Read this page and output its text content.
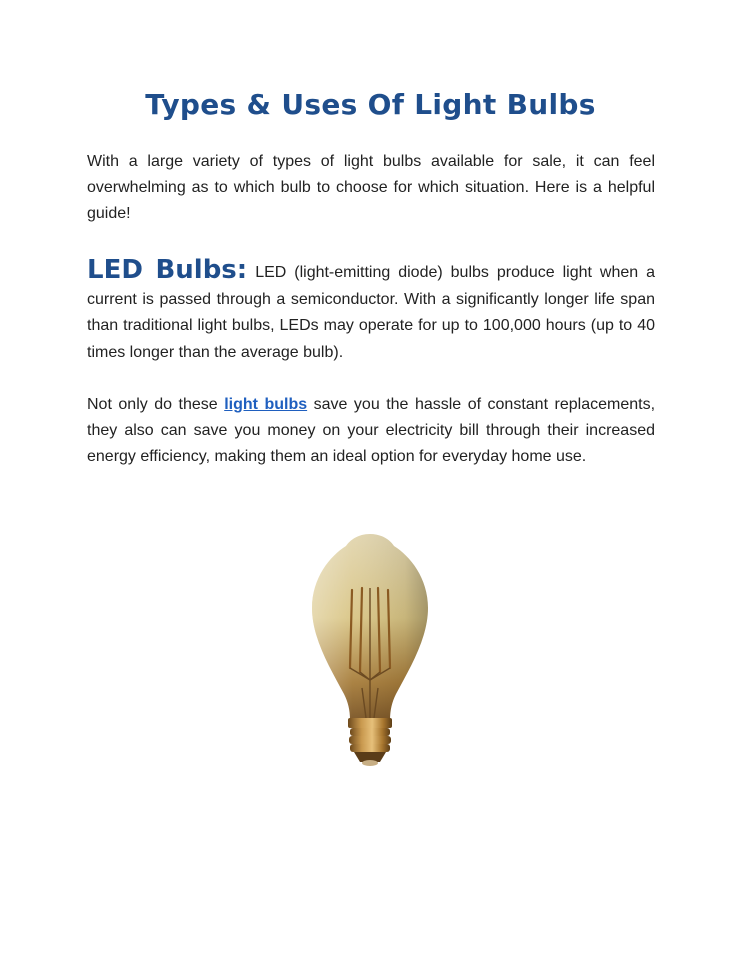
Types & Uses Of Light Bulbs

With a large variety of types of light bulbs available for sale, it can feel overwhelming as to which bulb to choose for which situation. Here is a helpful guide!

LED Bulbs: LED (light-emitting diode) bulbs produce light when a current is passed through a semiconductor. With a significantly longer life span than traditional light bulbs, LEDs may operate for up to 100,000 hours (up to 40 times longer than the average bulb).

Not only do these light bulbs save you the hassle of constant replacements, they also can save you money on your electricity bill through their increased energy efficiency, making them an ideal option for everyday home use.
